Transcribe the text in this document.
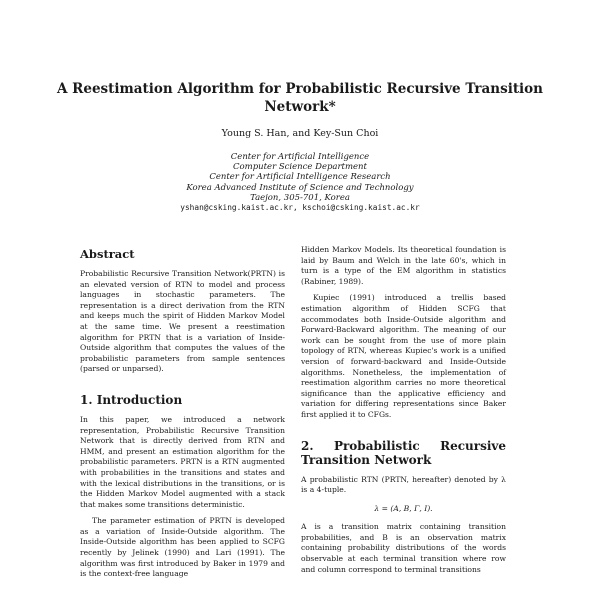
A Reestimation Algorithm for Probabilistic Recursive Transition Network*
Young S. Han, and Key-Sun Choi
Center for Artificial Intelligence
Computer Science Department
Center for Artificial Intelligence Research
Korea Advanced Institute of Science and Technology
Taejon, 305-701, Korea
yshan@csking.kaist.ac.kr, kschoi@csking.kaist.ac.kr
Abstract

Probabilistic Recursive Transition Network(PRTN) is an elevated version of RTN to model and process languages in stochastic parameters. The representation is a direct derivation from the RTN and keeps much the spirit of Hidden Markov Model at the same time. We present a reestimation algorithm for PRTN that is a variation of Inside-Outside algorithm that computes the values of the probabilistic parameters from sample sentences (parsed or unparsed).

1. Introduction

In this paper, we introduced a network representation, Probabilistic Recursive Transition Network that is directly derived from RTN and HMM, and present an estimation algorithm for the probabilistic parameters. PRTN is a RTN augmented with probabilities in the transitions and states and with the lexical distributions in the transitions, or is the Hidden Markov Model augmented with a stack that makes some transitions deterministic.

The parameter estimation of PRTN is developed as a variation of Inside-Outside algorithm. The Inside-Outside algorithm has been applied to SCFG recently by Jelinek (1990) and Lari (1991). The algorithm was first introduced by Baker in 1979 and is the context-free language

Hidden Markov Models. Its theoretical foundation is laid by Baum and Welch in the late 60's, which in turn is a type of the EM algorithm in statistics (Rabiner, 1989).

Kupiec (1991) introduced a trellis based estimation algorithm of Hidden SCFG that accommodates both Inside-Outside algorithm and Forward-Backward algorithm. The meaning of our work can be sought from the use of more plain topology of RTN, whereas Kupiec's work is a unified version of forward-backward and Inside-Outside algorithms. Nonetheless, the implementation of reestimation algorithm carries no more theoretical significance than the applicative efficiency and variation for differing representations since Baker first applied it to CFGs.

2. Probabilistic Recursive Transition Network

A probabilistic RTN (PRTN, hereafter) denoted by λ is a 4-tuple.

λ = (A, B, Γ, I).

A is a transition matrix containing transition probabilities, and B is an observation matrix containing probability distributions of the words observable at each terminal transition where row and column correspond to terminal transitions
